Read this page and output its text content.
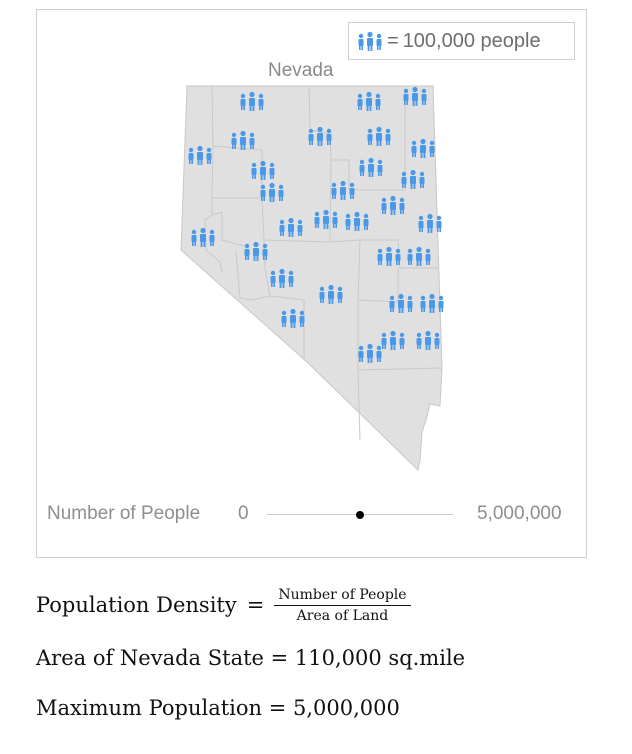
= 100,000 people
Nevada
Number of People 0	5,000,000
Population Density = $\frac{\text{Number of People}}{\text{Area of Land}}$
Area of Nevada State = 110,000 sq.mile
Maximum Population = 5,000,000
